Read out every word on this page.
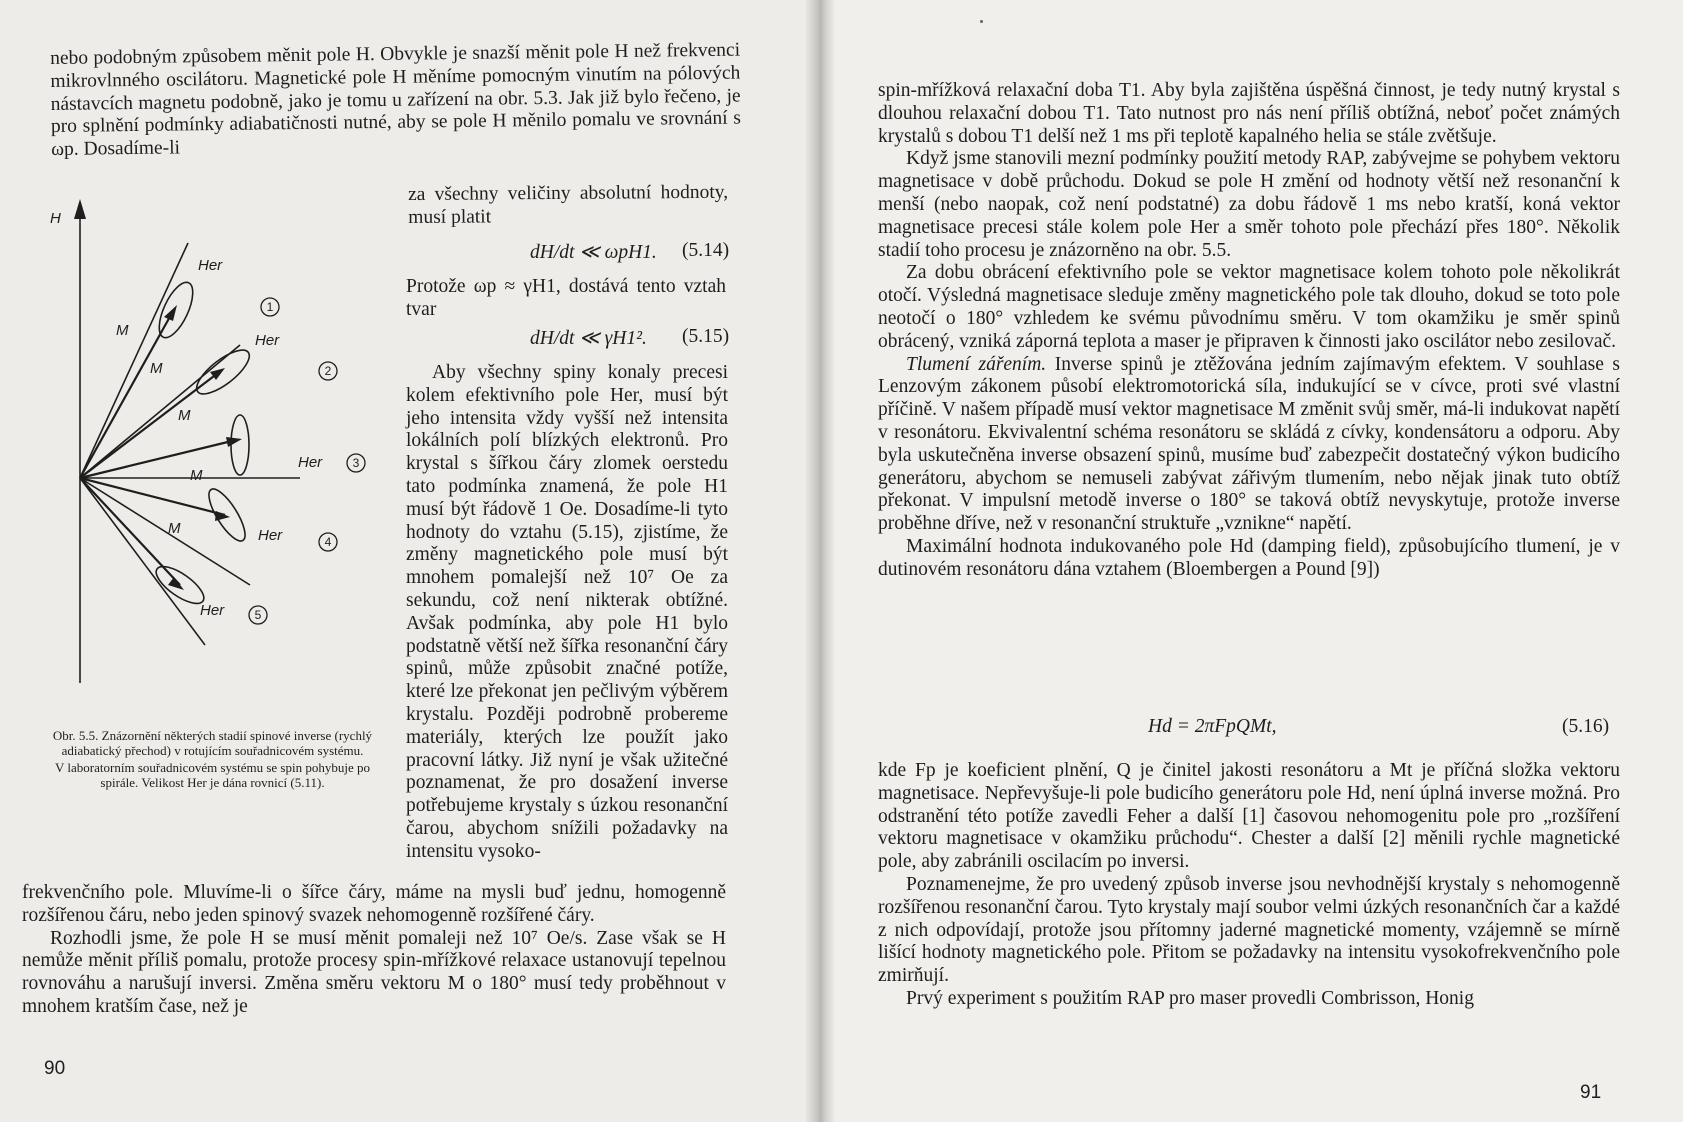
nebo podobným způsobem měnit pole H. Obvykle je snazší měnit pole H než frekvenci mikrovlnného oscilátoru. Magnetické pole H měníme pomocným vinutím na pólových nástavcích magnetu podobně, jako je tomu u zařízení na obr. 5.3. Jak již bylo řečeno, je pro splnění podmínky adiabatičnosti nutné, aby se pole H měnilo pomalu ve srovnání s ωp. Dosadíme-li

H
Her
Her
Her
Her
Her
M
M
M
M
M
1
2
3
4
5

za všechny veličiny absolutní hodnoty, musí platit

dH/dt ≪ ωpH1. (5.14)

Protože ωp ≈ γH1, dostává tento vztah tvar

dH/dt ≪ γH1². (5.15)

Aby všechny spiny konaly precesi kolem efektivního pole Her, musí být jeho intensita vždy vyšší než intensita lokálních polí blízkých elektronů. Pro krystal s šířkou čáry zlomek oerstedu tato podmínka znamená, že pole H1 musí být řádově 1 Oe. Dosadíme-li tyto hodnoty do vztahu (5.15), zjistíme, že změny magnetického pole musí být mnohem pomalejší než 10⁷ Oe za sekundu, což není nikterak obtížné. Avšak podmínka, aby pole H1 bylo podstatně větší než šířka resonanční čáry spinů, může způsobit značné potíže, které lze překonat jen pečlivým výběrem krystalu. Později podrobně probereme materiály, kterých lze použít jako pracovní látky. Již nyní je však užitečné poznamenat, že pro dosažení inverse potřebujeme krystaly s úzkou resonanční čarou, abychom snížili požadavky na intensitu vysoko-

Obr. 5.5. Znázornění některých stadií spinové inverse (rychlý adiabatický přechod) v rotujícím souřadnicovém systému.
V laboratorním souřadnicovém systému se spin pohybuje po spirále. Velikost Her je dána rovnicí (5.11).

frekvenčního pole. Mluvíme-li o šířce čáry, máme na mysli buď jednu, homogenně rozšířenou čáru, nebo jeden spinový svazek nehomogenně rozšířené čáry.

Rozhodli jsme, že pole H se musí měnit pomaleji než 10⁷ Oe/s. Zase však se H nemůže měnit příliš pomalu, protože procesy spin-mřížkové relaxace ustanovují tepelnou rovnováhu a narušují inversi. Změna směru vektoru M o 180° musí tedy proběhnout v mnohem kratším čase, než je

90

spin-mřížková relaxační doba T1. Aby byla zajištěna úspěšná činnost, je tedy nutný krystal s dlouhou relaxační dobou T1. Tato nutnost pro nás není příliš obtížná, neboť počet známých krystalů s dobou T1 delší než 1 ms při teplotě kapalného helia se stále zvětšuje.

Když jsme stanovili mezní podmínky použití metody RAP, zabývejme se pohybem vektoru magnetisace v době průchodu. Dokud se pole H změní od hodnoty větší než resonanční k menší (nebo naopak, což není podstatné) za dobu řádově 1 ms nebo kratší, koná vektor magnetisace precesi stále kolem pole Her a směr tohoto pole přechází přes 180°. Několik stadií toho procesu je znázorněno na obr. 5.5.

Za dobu obrácení efektivního pole se vektor magnetisace kolem tohoto pole několikrát otočí. Výsledná magnetisace sleduje změny magnetického pole tak dlouho, dokud se toto pole neotočí o 180° vzhledem ke svému původnímu směru. V tom okamžiku je směr spinů obrácený, vzniká záporná teplota a maser je připraven k činnosti jako oscilátor nebo zesilovač.

Tlumení zářením. Inverse spinů je ztěžována jedním zajímavým efektem. V souhlase s Lenzovým zákonem působí elektromotorická síla, indukující se v cívce, proti své vlastní příčině. V našem případě musí vektor magnetisace M změnit svůj směr, má-li indukovat napětí v resonátoru. Ekvivalentní schéma resonátoru se skládá z cívky, kondensátoru a odporu. Aby byla uskutečněna inverse obsazení spinů, musíme buď zabezpečit dostatečný výkon budicího generátoru, abychom se nemuseli zabývat zářivým tlumením, nebo nějak jinak tuto obtíž překonat. V impulsní metodě inverse o 180° se taková obtíž nevyskytuje, protože inverse proběhne dříve, než v resonanční struktuře „vznikne“ napětí.

Maximální hodnota indukovaného pole Hd (damping field), způsobujícího tlumení, je v dutinovém resonátoru dána vztahem (Bloembergen a Pound [9])

Hd = 2πFpQMt,	(5.16)

kde Fp je koeficient plnění, Q je činitel jakosti resonátoru a Mt je příčná složka vektoru magnetisace. Nepřevyšuje-li pole budicího generátoru pole Hd, není úplná inverse možná. Pro odstranění této potíže zavedli Feher a další [1] časovou nehomogenitu pole pro „rozšíření vektoru magnetisace v okamžiku průchodu“. Chester a další [2] měnili rychle magnetické pole, aby zabránili oscilacím po inversi.

Poznamenejme, že pro uvedený způsob inverse jsou nevhodnější krystaly s nehomogenně rozšířenou resonanční čarou. Tyto krystaly mají soubor velmi úzkých resonančních čar a každé z nich odpovídají, protože jsou přítomny jaderné magnetické momenty, vzájemně se mírně lišící hodnoty magnetického pole. Přitom se požadavky na intensitu vysokofrekvenčního pole zmirňují.

Prvý experiment s použitím RAP pro maser provedli Combrisson, Honig

91
